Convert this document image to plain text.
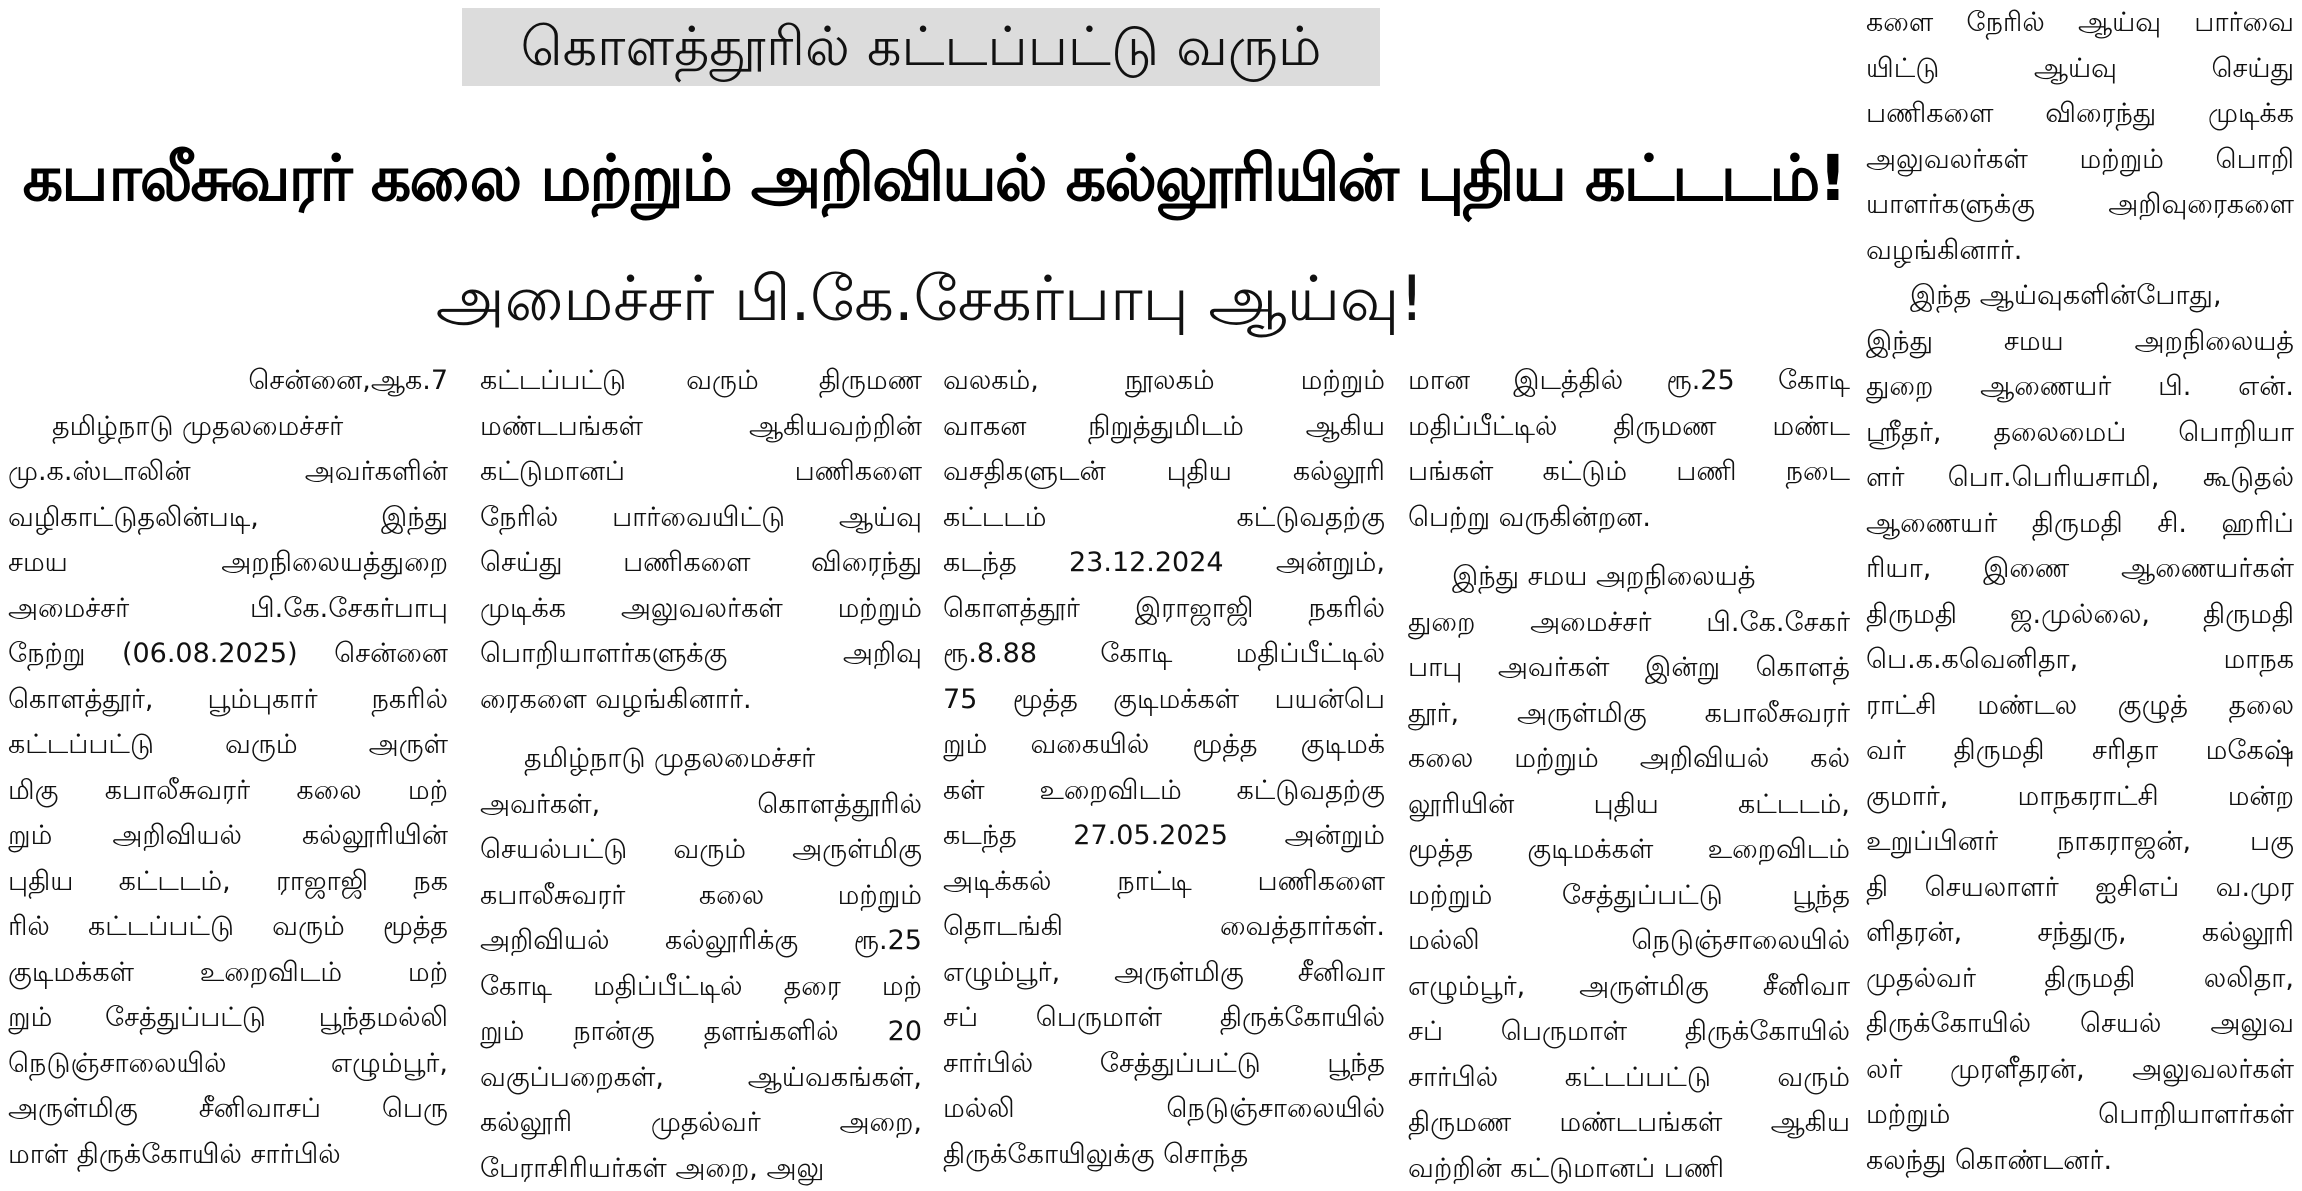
கொளத்தூரில் கட்டப்பட்டு வரும்
கபாலீசுவரர் கலை மற்றும் அறிவியல் கல்லூரியின் புதிய கட்டடம்!
அமைச்சர் பி.கே.சேகர்பாபு ஆய்வு!
சென்னை,ஆக.7
தமிழ்நாடு முதலமைச்சர்
மு.க.ஸ்டாலின் அவர்களின்
வழிகாட்டுதலின்படி, இந்து
சமய அறநிலையத்துறை
அமைச்சர் பி.கே.சேகர்பாபு
நேற்று (06.08.2025) சென்னை
கொளத்தூர், பூம்புகார் நகரில்
கட்டப்பட்டு வரும் அருள்
மிகு கபாலீசுவரர் கலை மற்
றும் அறிவியல் கல்லூரியின்
புதிய கட்டடம், ராஜாஜி நக
ரில் கட்டப்பட்டு வரும் மூத்த
குடிமக்கள் உறைவிடம் மற்
றும் சேத்துப்பட்டு பூந்தமல்லி
நெடுஞ்சாலையில் எழும்பூர்,
அருள்மிகு சீனிவாசப் பெரு
மாள் திருக்கோயில் சார்பில்
கட்டப்பட்டு வரும் திருமண
மண்டபங்கள் ஆகியவற்றின்
கட்டுமானப் பணிகளை
நேரில் பார்வையிட்டு ஆய்வு
செய்து பணிகளை விரைந்து
முடிக்க அலுவலர்கள் மற்றும்
பொறியாளர்களுக்கு அறிவு
ரைகளை வழங்கினார்.
தமிழ்நாடு முதலமைச்சர்
அவர்கள், கொளத்தூரில்
செயல்பட்டு வரும் அருள்மிகு
கபாலீசுவரர் கலை மற்றும்
அறிவியல் கல்லூரிக்கு ரூ.25
கோடி மதிப்பீட்டில் தரை மற்
றும் நான்கு தளங்களில் 20
வகுப்பறைகள், ஆய்வகங்கள்,
கல்லூரி முதல்வர் அறை,
பேராசிரியர்கள் அறை, அலு
வலகம், நூலகம் மற்றும்
வாகன நிறுத்துமிடம் ஆகிய
வசதிகளுடன் புதிய கல்லூரி
கட்டடம் கட்டுவதற்கு
கடந்த 23.12.2024 அன்றும்,
கொளத்தூர் இராஜாஜி நகரில்
ரூ.8.88 கோடி மதிப்பீட்டில்
75 மூத்த குடிமக்கள் பயன்பெ
றும் வகையில் மூத்த குடிமக்
கள் உறைவிடம் கட்டுவதற்கு
கடந்த 27.05.2025 அன்றும்
அடிக்கல் நாட்டி பணிகளை
தொடங்கி வைத்தார்கள்.
எழும்பூர், அருள்மிகு சீனிவா
சப் பெருமாள் திருக்கோயில்
சார்பில் சேத்துப்பட்டு பூந்த
மல்லி நெடுஞ்சாலையில்
திருக்கோயிலுக்கு சொந்த
மான இடத்தில் ரூ.25 கோடி
மதிப்பீட்டில் திருமண மண்ட
பங்கள் கட்டும் பணி நடை
பெற்று வருகின்றன.
இந்து சமய அறநிலையத்
துறை அமைச்சர் பி.கே.சேகர்
பாபு அவர்கள் இன்று கொளத்
தூர், அருள்மிகு கபாலீசுவரர்
கலை மற்றும் அறிவியல் கல்
லூரியின் புதிய கட்டடம்,
மூத்த குடிமக்கள் உறைவிடம்
மற்றும் சேத்துப்பட்டு பூந்த
மல்லி நெடுஞ்சாலையில்
எழும்பூர், அருள்மிகு சீனிவா
சப் பெருமாள் திருக்கோயில்
சார்பில் கட்டப்பட்டு வரும்
திருமண மண்டபங்கள் ஆகிய
வற்றின் கட்டுமானப் பணி
களை நேரில் ஆய்வு பார்வை
யிட்டு ஆய்வு செய்து
பணிகளை விரைந்து முடிக்க
அலுவலர்கள் மற்றும் பொறி
யாளர்களுக்கு அறிவுரைகளை
வழங்கினார்.
இந்த ஆய்வுகளின்போது,
இந்து சமய அறநிலையத்
துறை ஆணையர் பி. என்.
ஸ்ரீதர், தலைமைப் பொறியா
ளர் பொ.பெரியசாமி, கூடுதல்
ஆணையர் திருமதி சி. ஹரிப்
ரியா, இணை ஆணையர்கள்
திருமதி ஜ.முல்லை, திருமதி
பெ.க.கவெனிதா, மாநக
ராட்சி மண்டல குழுத் தலை
வர் திருமதி சரிதா மகேஷ்
குமார், மாநகராட்சி மன்ற
உறுப்பினர் நாகராஜன், பகு
தி செயலாளர் ஐசிஎப் வ.முர
ளிதரன், சந்துரு, கல்லூரி
முதல்வர் திருமதி லலிதா,
திருக்கோயில் செயல் அலுவ
லர் முரளீதரன், அலுவலர்கள்
மற்றும் பொறியாளர்கள்
கலந்து கொண்டனர்.
